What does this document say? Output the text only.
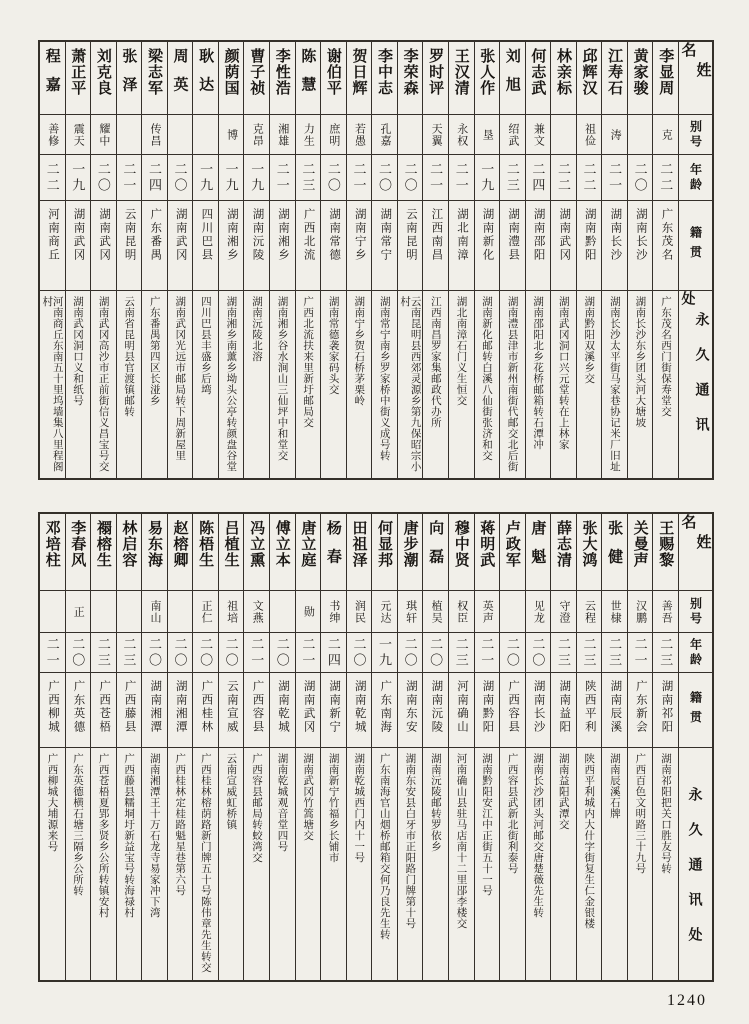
姓名
别号
年龄
籍贯
永久通讯处
李显周
克
二二
广东茂名
广东茂名西门街保寿堂交
黄家骏
二〇
湖南长沙
湖南长沙东乡团头河大塘坡
江寿石
涛
二一
湖南长沙
湖南长沙太平街马家巷协记米厂旧址
邱辉汉
祖俭
二二
湖南黔阳
湖南黔阳双溪乡交
林亲标
二二
湖南武冈
湖南武冈洞口兴元堂转在上林家
何志武
兼文
二四
湖南邵阳
湖南邵阳北乡花桥邮箱转石潭冲
刘旭
绍武
二三
湖南澧县
湖南澧县津市新州南街代邮交北后街
张人作
垦
一九
湖南新化
湖南新化邮转白溪八仙街张济和交
王汉清
永权
二一
湖北南漳
湖北南漳石门义生恒交
罗时评
天翼
二一
江西南昌
江西南昌罗家集邮政代办所
李荣森
二〇
云南昆明
云南昆明县西郊灵源乡第九保昭宗小村
李中志
孔嘉
二〇
湖南常宁
湖南常宁南乡罗家桥中街义成号转
贺日辉
若愚
二一
湖南宁乡
湖南宁乡贺石桥茅栗岭
谢伯平
庶明
二〇
湖南常德
湖南常德袭家码头交
陈慧
力生
二三
广西北流
广西北流扶来里新圩邮局交
李性浩
湘雄
二一
湖南湘乡
湖南湘乡谷水涧山三仙坪中和堂交
曹子祯
克昂
一九
湖南沅陵
湖南沅陵北溶
颜荫国
博
一九
湖南湘乡
湖南湘乡南薰乡坳头公亭转颜盘谷堂
耿达
一九
四川巴县
四川巴县丰盛乡后塆
周英
二〇
湖南武冈
湖南武冈光远市邮局转下周新屋里
梁志军
传昌
二四
广东番禺
广东番禺第四区长湴乡
张泽
二一
云南昆明
云南省昆明县官渡镇邮转
刘克良
耀中
二〇
湖南武冈
湖南武冈高沙市正前街信义昌宝号交
萧正平
震天
一九
湖南武冈
湖南武冈洞口义和纸号
程嘉
善修
二二
河南商丘
河南商丘东南五十里坞墙集八里程阁村
姓名
别号
年龄
籍贯
永久通讯处
王赐黎
善吾
二三
湖南祁阳
湖南祁阳把关口胜友号转
关曼声
汉鹏
二一
广东新会
广西百色文明路三十九号
张健
世棣
二三
湖南辰溪
湖南辰溪石牌
张大鸿
云程
二三
陕西平利
陕西平利城内大什字街复生仁金银楼
薛志清
守澄
二三
湖南益阳
湖南益阳武潭交
唐魁
见龙
二〇
湖南长沙
湖南长沙团头河邮交唐楚薇先生转
卢政军
二〇
广西容县
广西容县武新北街利泰号
蒋明武
英声
二一
湖南黔阳
湖南黔阳安江中正街五十一号
穆中贤
权臣
二三
河南确山
河南确山县驻马店南十二里郘李楼交
向磊
植吴
二〇
湖南沅陵
湖南沅陵邮转罗依乡
唐步潮
琪轩
二〇
湖南东安
湖南东安县白牙市正阳路门牌第十号
何显邦
元达
一九
广东南海
广东南海官山烟桥邮箱交何乃良先生转
田祖泽
润民
二〇
湖南乾城
湖南乾城西门内十一号
杨春
书绅
二四
湖南新宁
湖南新宁竹福乡长铺市
唐立庭
勋
二一
湖南武冈
湖南武冈竹篙塘交
傅立本
二〇
湖南乾城
湖南乾城观音堂四号
冯立熏
文燕
二一
广西容县
广西容县邮局转蛟湾交
吕植生
祖培
二〇
云南宣威
云南宣威虹桥镇
陈梧生
正仁
二〇
广西桂林
广西桂林榕荫路新门牌五十号陈伟章先生转交
赵榕卿
二〇
湖南湘潭
广西桂林定桂路魁星巷第六号
易东海
南山
二〇
湖南湘潭
湖南湘潭王十万石龙寺易家冲下湾
林启容
二三
广西藤县
广西藤县糯垌圩新益宝号转海禄村
禤榕生
二三
广西苍梧
广西苍梧夏郢多贤乡公所转镇安村
李春风
正
二〇
广东英德
广东英德横石塘三隔乡公所转
邓培柱
二一
广西柳城
广西柳城大埔源来号
1240
